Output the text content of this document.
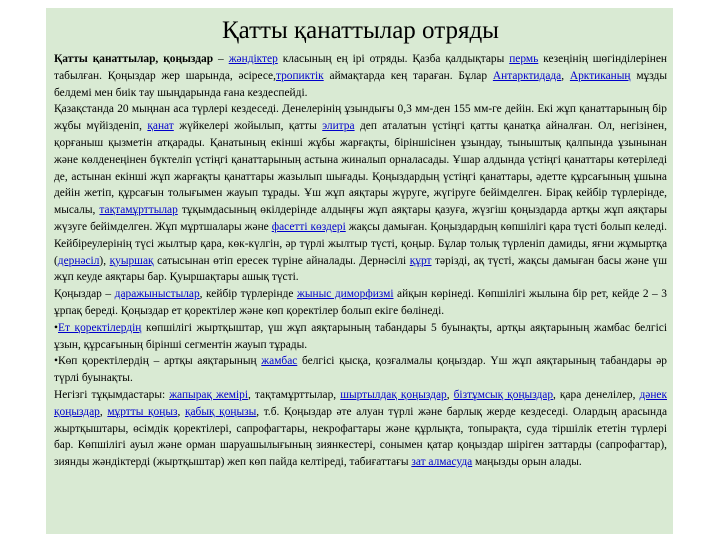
Қатты қанаттылар отряды

Қатты қанаттылар, қоңыздар – жәндіктер класының ең ірі отряды. Қазба қалдықтары пермь кезеңінің шөгінділерінен табылған. Қоңыздар жер шарында, әсіресе,тропиктік аймақтарда кең тараған. Бұлар Антарктидада, Арктиканың мұзды белдемі мен биік тау шыңдарында ғана кездеспейді.

Қазақстанда 20 мыңнан аса түрлері кездеседі. Денелерінің ұзындығы 0,3 мм-ден 155 мм-ге дейін. Екі жұп қанаттарының бір жұбы мүйізденіп, қанат жүйкелері жойылып, қатты элитра деп аталатын үстіңгі қатты қанатқа айналған. Ол, негізінен, қорғаныш қызметін атқарады. Қанатының екінші жұбы жарғақты, біріншісінен ұзындау, тыныштық қалпында ұзынынан және көлденеңінен бүктеліп үстіңгі қанаттарының астына жиналып орналасады. Ұшар алдында үстіңгі қанаттары көтеріледі де, астынан екінші жұп жарғақты қанаттары жазылып шығады. Қоңыздардың үстіңгі қанаттары, әдетте құрсағының ұшына дейін жетіп, құрсағын толығымен жауып тұрады. Ұш жұп аяқтары жүруге, жүгіруге бейімделген. Бірақ кейбір түрлерінде, мысалы, тақтамұрттылар тұқымдасының өкілдерінде алдыңғы жұп аяқтары қазуға, жүзгіш қоңыздарда артқы жұп аяқтары жүзуге бейімделген. Жұп мұртшалары және фасетті көздері жақсы дамыған. Қоңыздардың көпшілігі қара түсті болып келеді. Кейбіреулерінің түсі жылтыр қара, көк-күлгін, әр түрлі жылтыр түсті, қоңыр. Бұлар толық түрленіп дамиды, яғни жұмыртқа (дернәсіл), қуыршақ сатысынан өтіп ересек түріне айналады. Дернәсілі құрт тәрізді, ақ түсті, жақсы дамыған басы және үш жұп кеуде аяқтары бар. Қуыршақтары ашық түсті.

Қоңыздар – даражыныстылар, кейбір түрлерінде жыныс диморфизмі айқын көрінеді. Көпшілігі жылына бір рет, кейде 2 – 3 ұрпақ береді. Қоңыздар ет қоректілер және көп қоректілер болып екіге бөлінеді.

•Ет қоректілердің көпшілігі жыртқыштар, үш жұп аяқтарының табандары 5 буынақты, артқы аяқтарының жамбас белгісі ұзын, құрсағының бірінші сегментін жауып тұрады.

•Көп қоректілердің – артқы аяқтарының жамбас белгісі қысқа, қозғалмалы қоңыздар. Үш жұп аяқтарының табандары әр түрлі буынақты.

Негізгі тұқымдастары: жапырақ жемірі, тақтамұрттылар, шыртылдақ қоңыздар, бізтұмсық қоңыздар, қара денелілер, дәнек қоңыздар, мұртты қоңыз, қабық қоңызы, т.б. Қоңыздар әте алуан түрлі және барлық жерде кездеседі. Олардың арасында жыртқыштары, өсімдік қоректілері, сапрофагтары, некрофагтары және құрлықта, топырақта, суда тіршілік ететін түрлері бар. Көпшілігі ауыл және орман шаруашылығының зиянкестері, сонымен қатар қоңыздар шіріген заттарды (сапрофагтар), зиянды жәндіктерді (жыртқыштар) жеп көп пайда келтіреді, табиғаттағы зат алмасуда маңызды орын алады.
